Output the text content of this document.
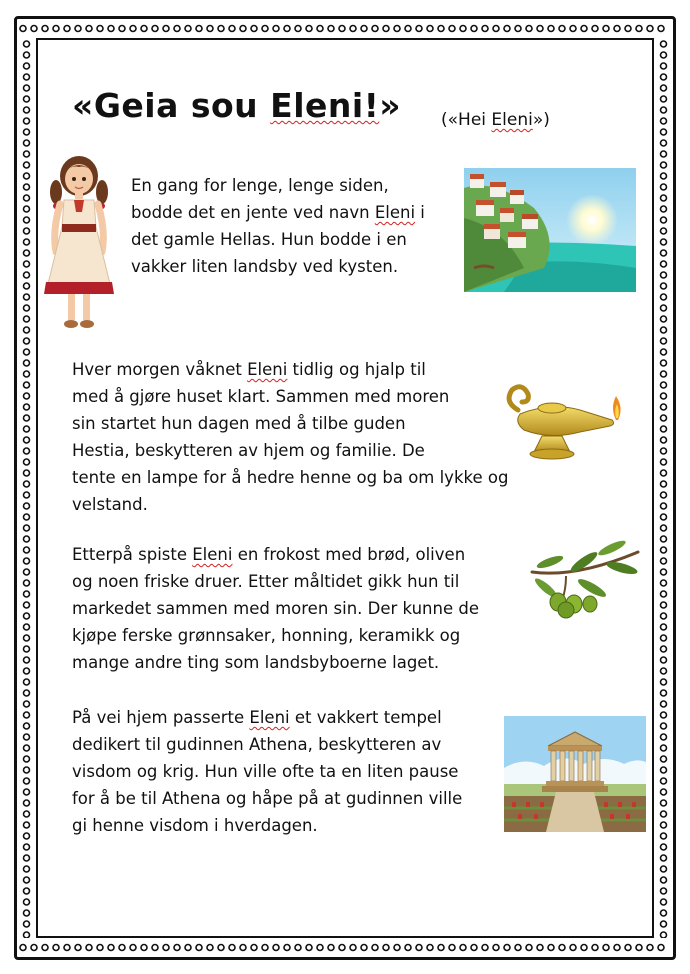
«Geia sou Eleni!» («Hei Eleni»)
En gang for lenge, lenge siden,
bodde det en jente ved navn Eleni i
det gamle Hellas. Hun bodde i en
vakker liten landsby ved kysten.
Hver morgen våknet Eleni tidlig og hjalp til
med å gjøre huset klart. Sammen med moren
sin startet hun dagen med å tilbe guden
Hestia, beskytteren av hjem og familie. De
tente en lampe for å hedre henne og ba om lykke og
velstand.
Etterpå spiste Eleni en frokost med brød, oliven
og noen friske druer. Etter måltidet gikk hun til
markedet sammen med moren sin. Der kunne de
kjøpe ferske grønnsaker, honning, keramikk og
mange andre ting som landsbyboerne laget.
På vei hjem passerte Eleni et vakkert tempel
dedikert til gudinnen Athena, beskytteren av
visdom og krig. Hun ville ofte ta en liten pause
for å be til Athena og håpe på at gudinnen ville
gi henne visdom i hverdagen.
